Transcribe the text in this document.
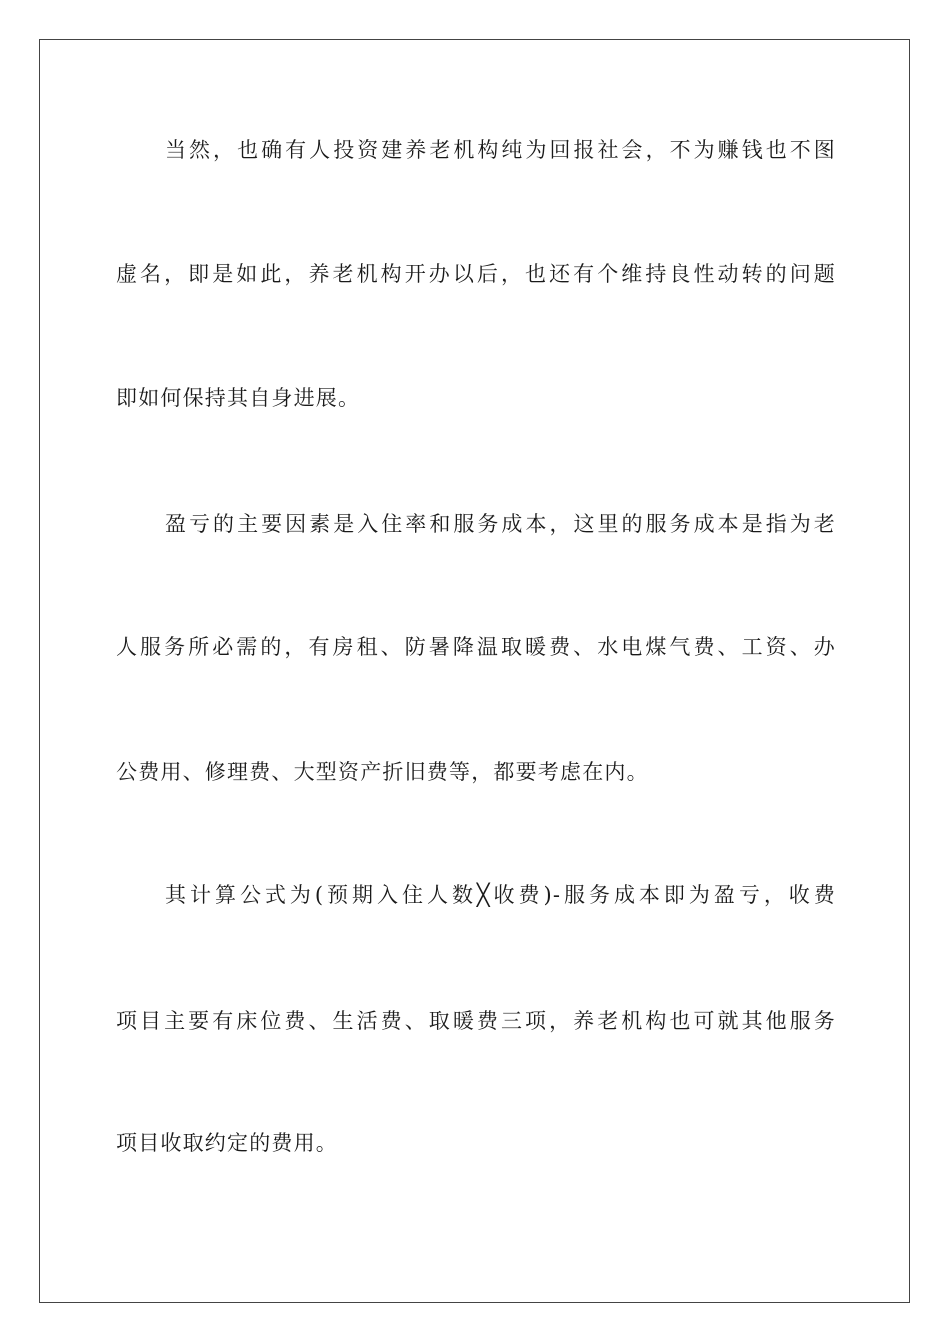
当然，也确有人投资建养老机构纯为回报社会，不为赚钱也不图
虚名，即是如此，养老机构开办以后，也还有个维持良性动转的问题
即如何保持其自身进展。
盈亏的主要因素是入住率和服务成本，这里的服务成本是指为老
人服务所必需的，有房租、防暑降温取暖费、水电煤气费、工资、办
公费用、修理费、大型资产折旧费等，都要考虑在内。
其计算公式为(预期入住人数╳收费)-服务成本即为盈亏，收费
项目主要有床位费、生活费、取暖费三项，养老机构也可就其他服务
项目收取约定的费用。
